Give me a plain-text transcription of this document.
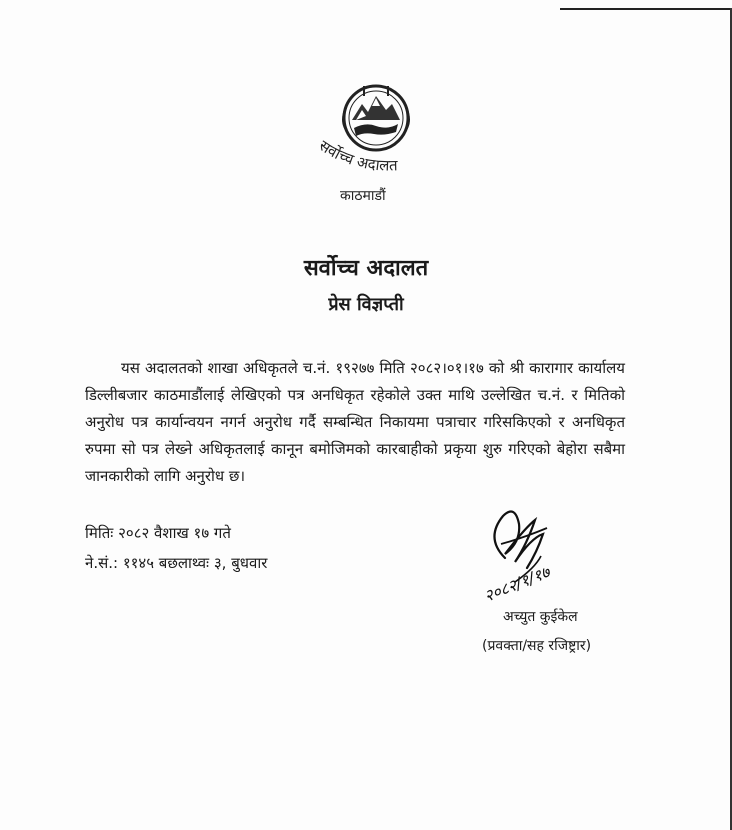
सर्वोच्च अदालत
काठमाडौं
सर्वोच्च अदालत
प्रेस विज्ञप्ती
यस अदालतको शाखा अधिकृतले च.नं. १९२७७ मिति २०८२।०१।१७ को श्री कारागार कार्यालय डिल्लीबजार काठमाडौंलाई लेखिएको पत्र अनधिकृत रहेकोले उक्त माथि उल्लेखित च.नं. र मितिको अनुरोध पत्र कार्यान्वयन नगर्न अनुरोध गर्दै सम्बन्धित निकायमा पत्राचार गरिसकिएको र अनधिकृत रुपमा सो पत्र लेख्ने अधिकृतलाई कानून बमोजिमको कारबाहीको प्रकृया शुरु गरिएको बेहोरा सबैमा जानकारीको लागि अनुरोध छ।
मितिः २०८२ वैशाख १७ गते
ने.सं.: ११४५ बछलाथ्वः ३, बुधवार	२०८२/१/१७
अच्युत कुईकेल
(प्रवक्ता/सह रजिष्ट्रार)
